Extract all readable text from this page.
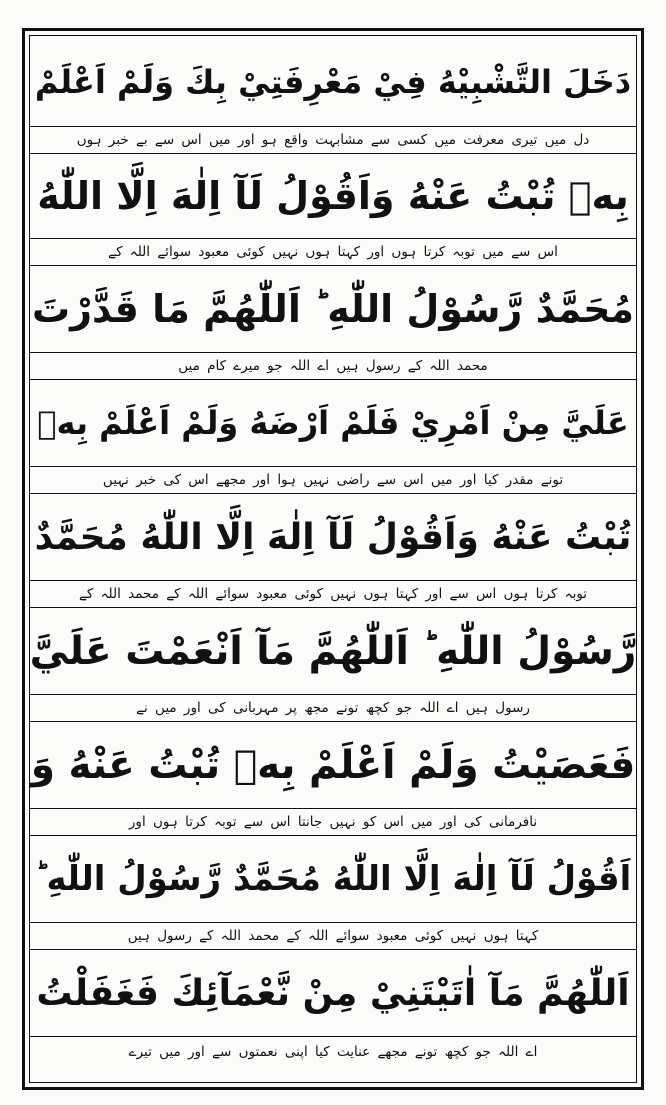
دَخَلَ التَّشْبِيْهُ فِيْ مَعْرِفَتِيْ بِكَ وَلَمْ اَعْلَمْ
دل میں تیری معرفت میں کسی سے مشابہت واقع ہو اور میں اس سے بے خبر ہوں
بِهٖ تُبْتُ عَنْهُ وَاَقُوْلُ لَآ اِلٰهَ اِلَّا اللّٰهُ
اس سے میں توبہ کرتا ہوں اور کہتا ہوں نہیں کوئی معبود سوائے اللہ کے
مُحَمَّدٌ رَّسُوْلُ اللّٰهِ ؕ اَللّٰهُمَّ مَا قَدَّرْتَ
محمد اللہ کے رسول ہیں اے اللہ جو میرے کام میں
عَلَيَّ مِنْ اَمْرِيْ فَلَمْ اَرْضَهُ وَلَمْ اَعْلَمْ بِهٖ
تونے مقدر کیا اور میں اس سے راضی نہیں ہوا اور مجھے اس کی خبر نہیں
تُبْتُ عَنْهُ وَاَقُوْلُ لَآ اِلٰهَ اِلَّا اللّٰهُ مُحَمَّدٌ
توبہ کرتا ہوں اس سے اور کہتا ہوں نہیں کوئی معبود سوائے اللہ کے محمد اللہ کے
رَّسُوْلُ اللّٰهِ ؕ اَللّٰهُمَّ مَآ اَنْعَمْتَ عَلَيَّ
رسول ہیں اے اللہ جو کچھ تونے مجھ پر مہربانی کی اور میں نے
فَعَصَيْتُ وَلَمْ اَعْلَمْ بِهٖ تُبْتُ عَنْهُ وَ
نافرمانی کی اور میں اس کو نہیں جانتا اس سے توبہ کرتا ہوں اور
اَقُوْلُ لَآ اِلٰهَ اِلَّا اللّٰهُ مُحَمَّدٌ رَّسُوْلُ اللّٰهِ ؕ
کہتا ہوں نہیں کوئی معبود سوائے اللہ کے محمد اللہ کے رسول ہیں
اَللّٰهُمَّ مَآ اٰتَيْتَنِيْ مِنْ نَّعْمَآئِكَ فَغَفَلْتُ
اے اللہ جو کچھ تونے مجھے عنایت کیا اپنی نعمتوں سے اور میں تیرے
